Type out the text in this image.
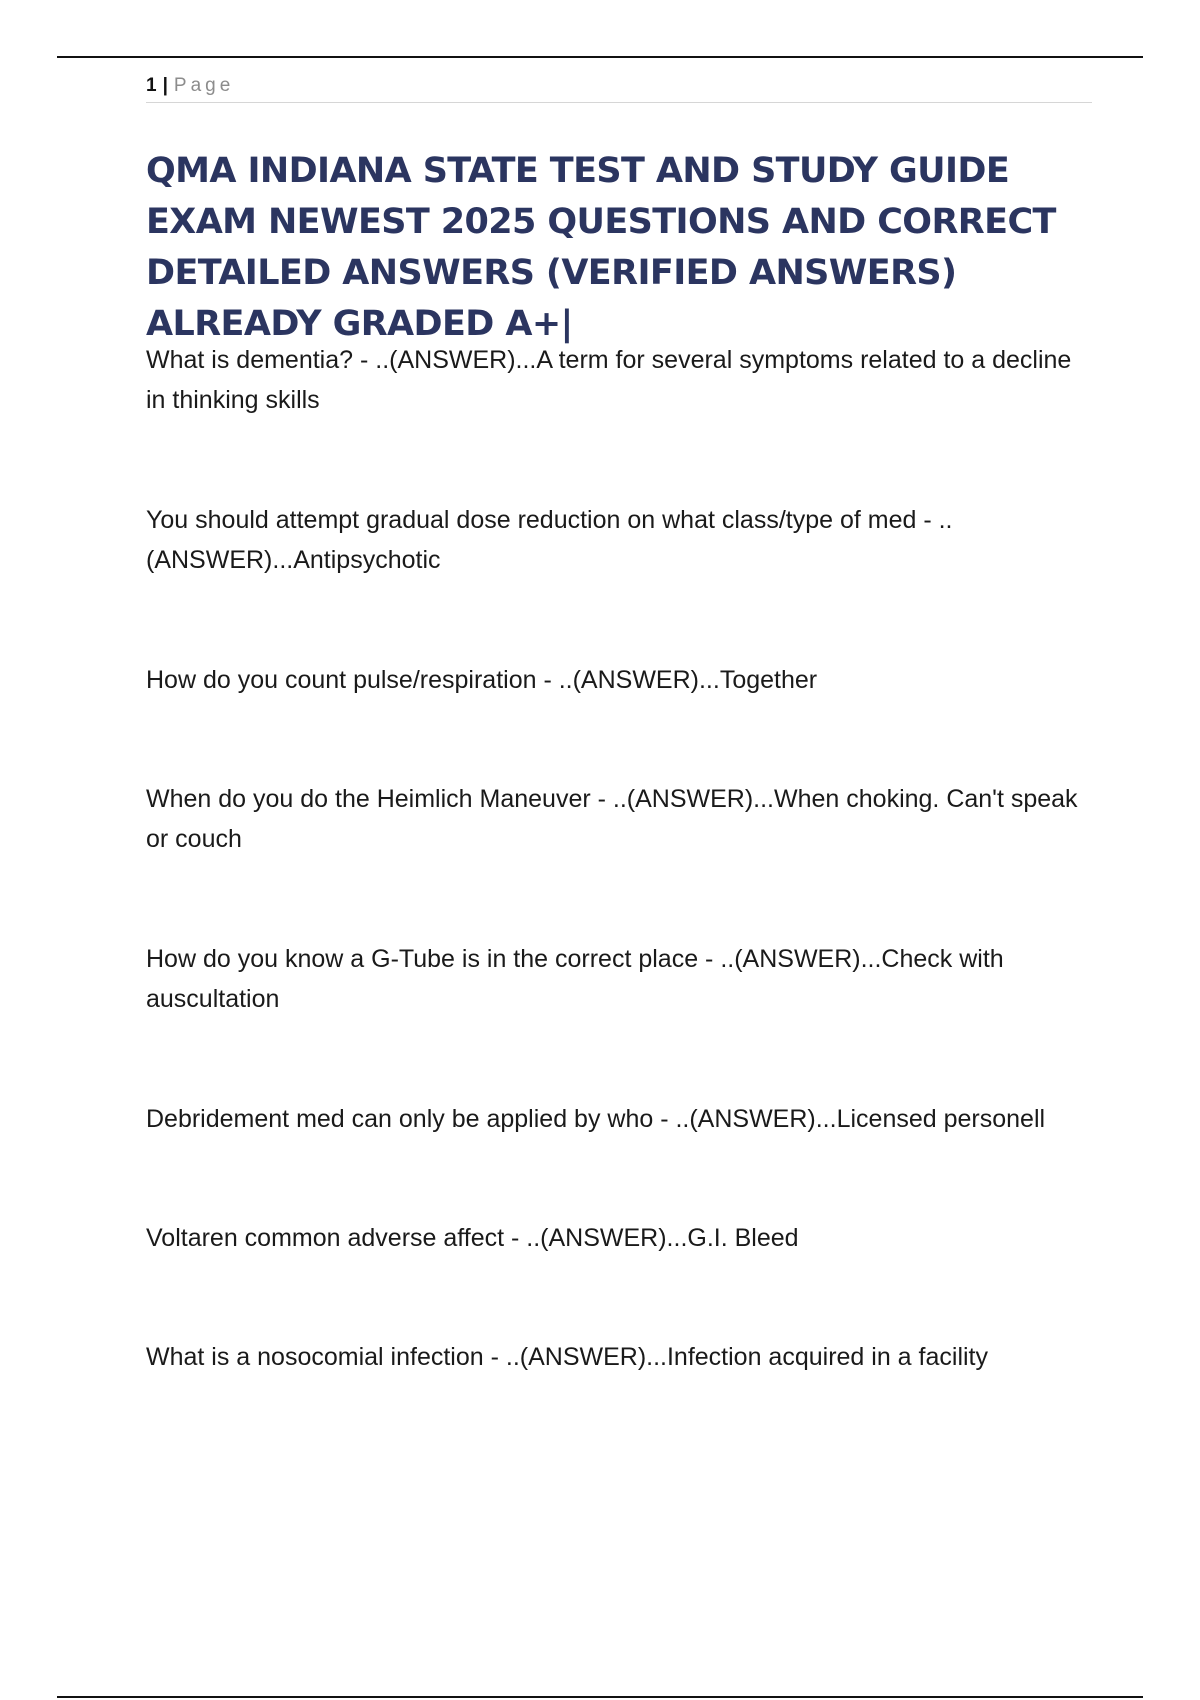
1 | Page
QMA INDIANA STATE TEST AND STUDY GUIDE EXAM NEWEST 2025 QUESTIONS AND CORRECT DETAILED ANSWERS (VERIFIED ANSWERS) ALREADY GRADED A+|

What is dementia? - ..(ANSWER)...A term for several symptoms related to a decline in thinking skills

You should attempt gradual dose reduction on what class/type of med - ..(ANSWER)...Antipsychotic

How do you count pulse/respiration - ..(ANSWER)...Together

When do you do the Heimlich Maneuver - ..(ANSWER)...When choking. Can't speak or couch

How do you know a G-Tube is in the correct place - ..(ANSWER)...Check with auscultation

Debridement med can only be applied by who - ..(ANSWER)...Licensed personell

Voltaren common adverse affect - ..(ANSWER)...G.I. Bleed

What is a nosocomial infection - ..(ANSWER)...Infection acquired in a facility
